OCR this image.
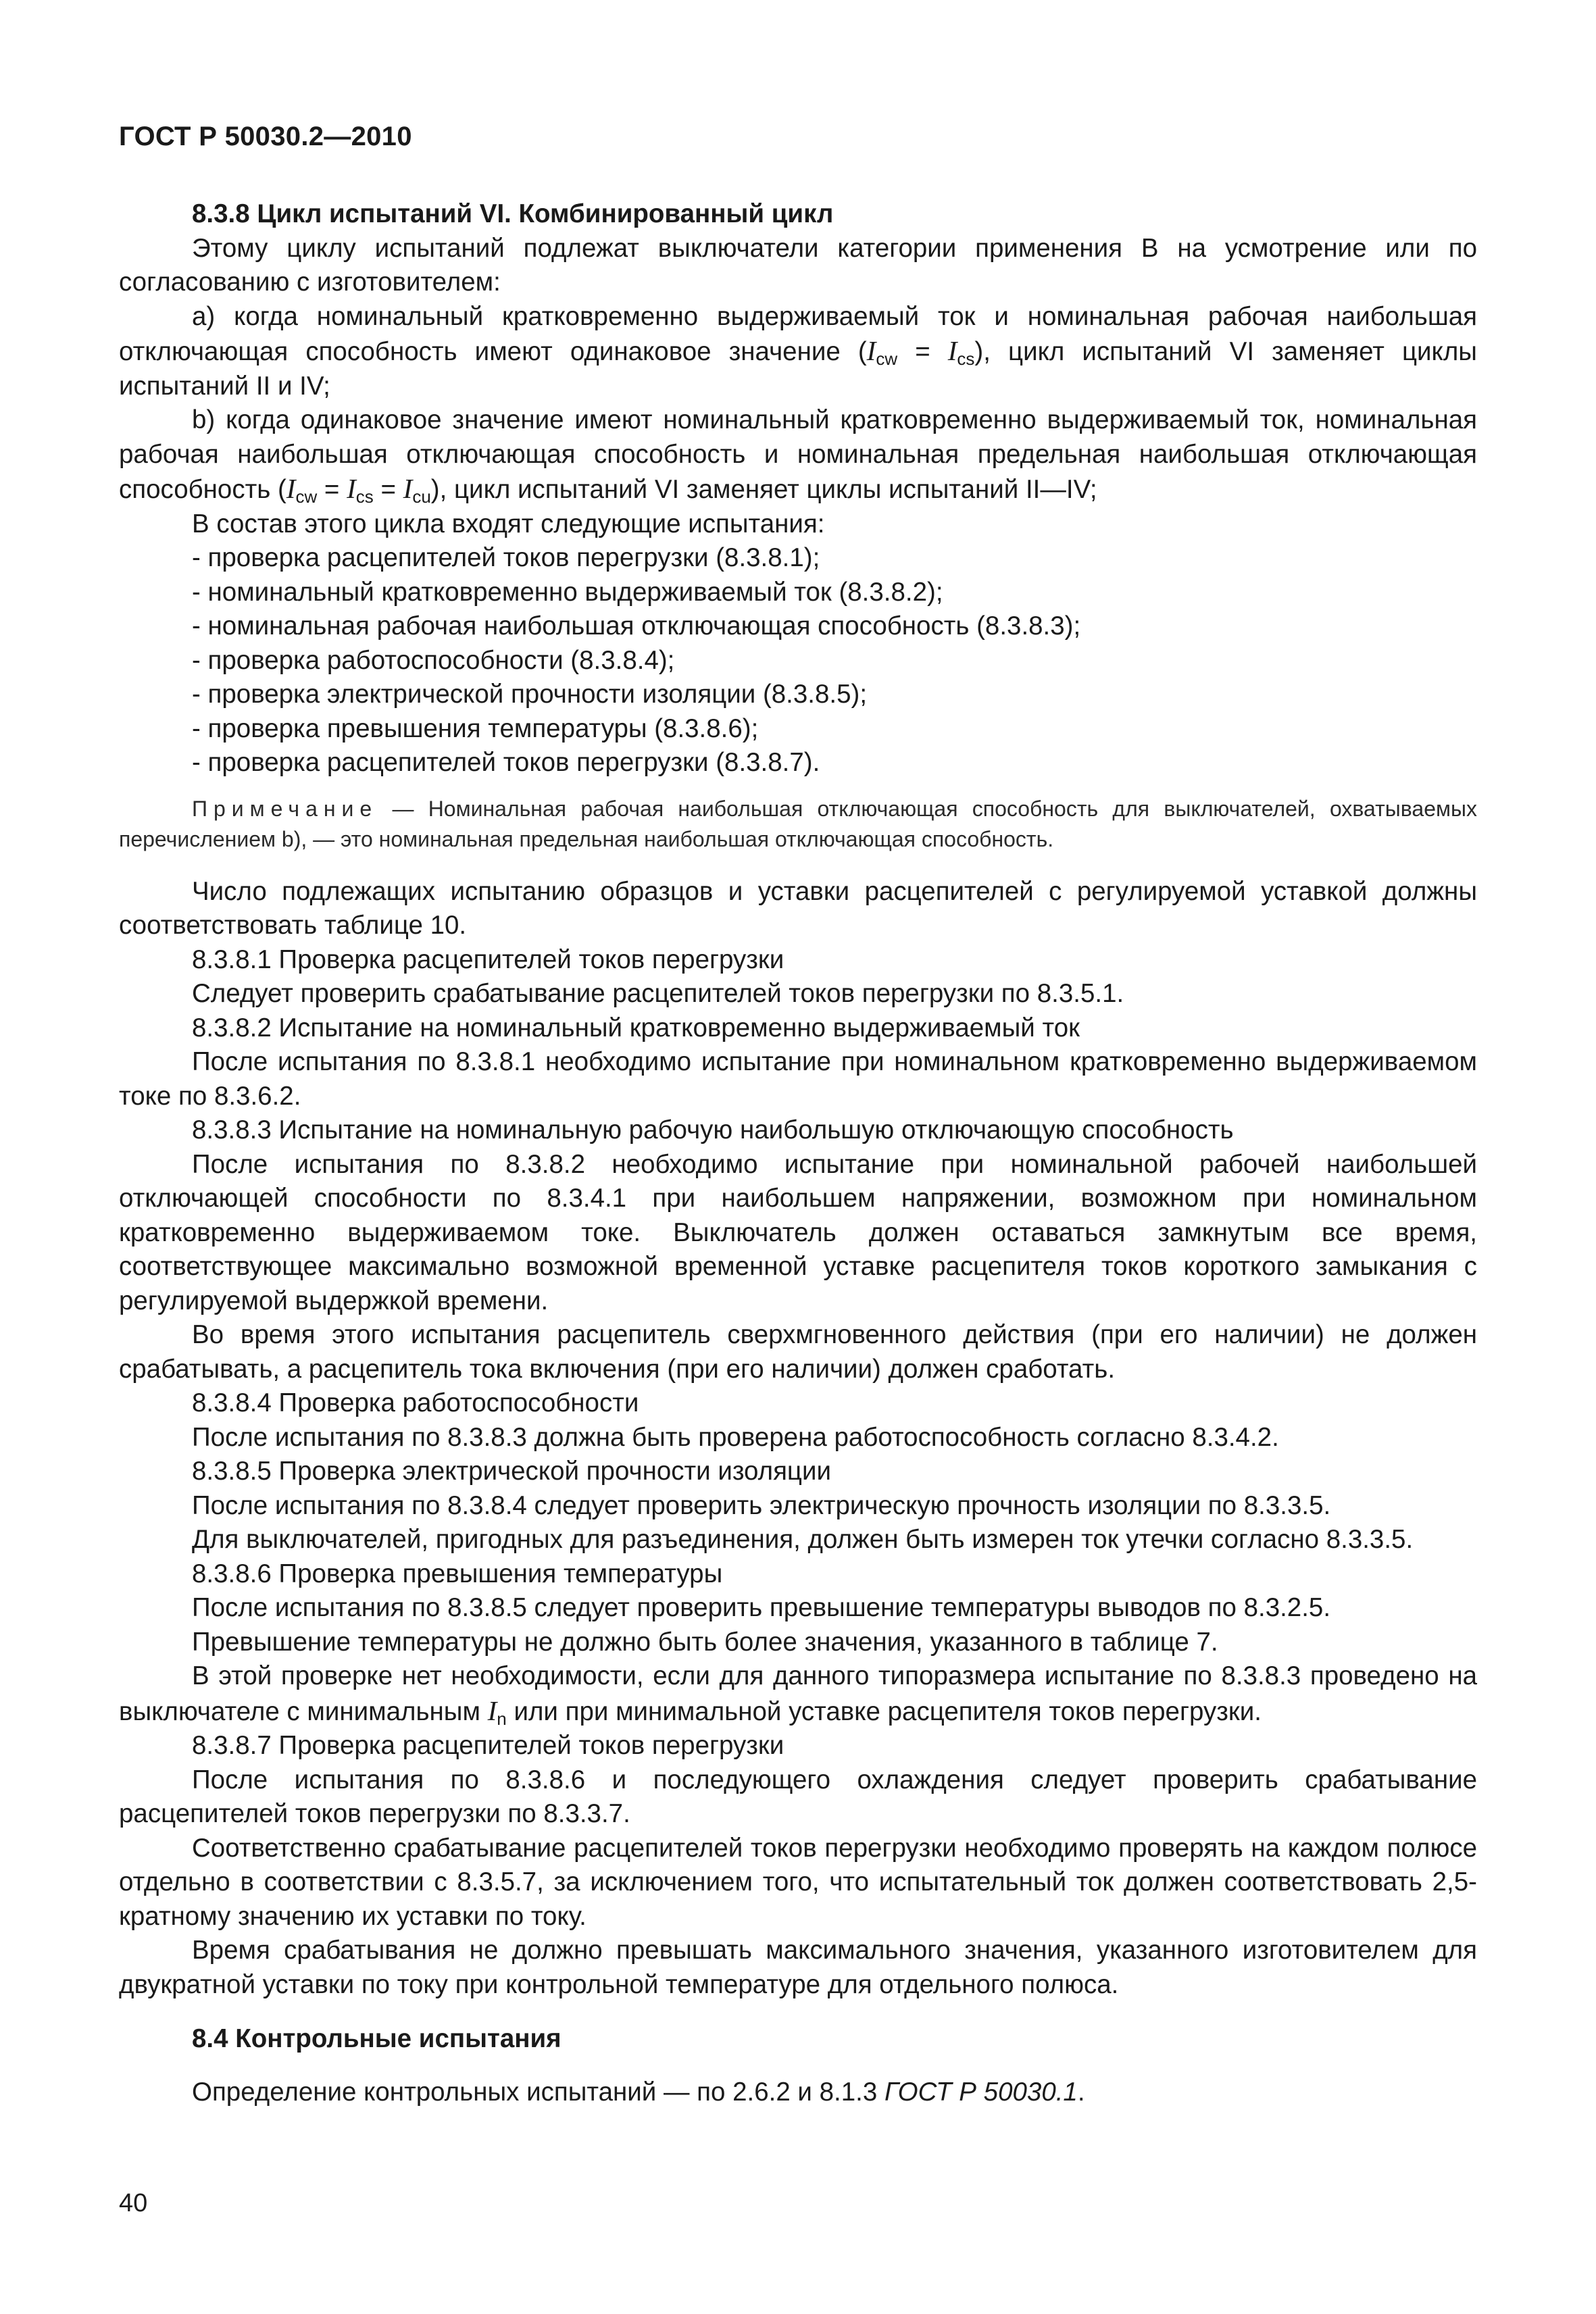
ГОСТ Р 50030.2—2010

8.3.8 Цикл испытаний VI. Комбинированный цикл

Этому циклу испытаний подлежат выключатели категории применения В на усмотрение или по согласованию с изготовителем:

а) когда номинальный кратковременно выдерживаемый ток и номинальная рабочая наибольшая отключающая способность имеют одинаковое значение $(I_{cw} = I_{cs})$, цикл испытаний VI заменяет циклы испытаний II и IV;

b) когда одинаковое значение имеют номинальный кратковременно выдерживаемый ток, номинальная рабочая наибольшая отключающая способность и номинальная предельная наибольшая отключающая способность $(I_{cw} = I_{cs} = I_{cu})$, цикл испытаний VI заменяет циклы испытаний II—IV;

В состав этого цикла входят следующие испытания:

- проверка расцепителей токов перегрузки (8.3.8.1);

- номинальный кратковременно выдерживаемый ток (8.3.8.2);

- номинальная рабочая наибольшая отключающая способность (8.3.8.3);

- проверка работоспособности (8.3.8.4);

- проверка электрической прочности изоляции (8.3.8.5);

- проверка превышения температуры (8.3.8.6);

- проверка расцепителей токов перегрузки (8.3.8.7).

Примечание — Номинальная рабочая наибольшая отключающая способность для выключателей, охватываемых перечислением b), — это номинальная предельная наибольшая отключающая способность.

Число подлежащих испытанию образцов и уставки расцепителей с регулируемой уставкой должны соответствовать таблице 10.

8.3.8.1 Проверка расцепителей токов перегрузки

Следует проверить срабатывание расцепителей токов перегрузки по 8.3.5.1.

8.3.8.2 Испытание на номинальный кратковременно выдерживаемый ток

После испытания по 8.3.8.1 необходимо испытание при номинальном кратковременно выдерживаемом токе по 8.3.6.2.

8.3.8.3 Испытание на номинальную рабочую наибольшую отключающую способность

После испытания по 8.3.8.2 необходимо испытание при номинальной рабочей наибольшей отключающей способности по 8.3.4.1 при наибольшем напряжении, возможном при номинальном кратковременно выдерживаемом токе. Выключатель должен оставаться замкнутым все время, соответствующее максимально возможной временной уставке расцепителя токов короткого замыкания с регулируемой выдержкой времени.

Во время этого испытания расцепитель сверхмгновенного действия (при его наличии) не должен срабатывать, а расцепитель тока включения (при его наличии) должен сработать.

8.3.8.4 Проверка работоспособности

После испытания по 8.3.8.3 должна быть проверена работоспособность согласно 8.3.4.2.

8.3.8.5 Проверка электрической прочности изоляции

После испытания по 8.3.8.4 следует проверить электрическую прочность изоляции по 8.3.3.5.

Для выключателей, пригодных для разъединения, должен быть измерен ток утечки согласно 8.3.3.5.

8.3.8.6 Проверка превышения температуры

После испытания по 8.3.8.5 следует проверить превышение температуры выводов по 8.3.2.5.

Превышение температуры не должно быть более значения, указанного в таблице 7.

В этой проверке нет необходимости, если для данного типоразмера испытание по 8.3.8.3 проведено на выключателе с минимальным $I_n$ или при минимальной уставке расцепителя токов перегрузки.

8.3.8.7 Проверка расцепителей токов перегрузки

После испытания по 8.3.8.6 и последующего охлаждения следует проверить срабатывание расцепителей токов перегрузки по 8.3.3.7.

Соответственно срабатывание расцепителей токов перегрузки необходимо проверять на каждом полюсе отдельно в соответствии с 8.3.5.7, за исключением того, что испытательный ток должен соответствовать 2,5-кратному значению их уставки по току.

Время срабатывания не должно превышать максимального значения, указанного изготовителем для двукратной уставки по току при контрольной температуре для отдельного полюса.

8.4 Контрольные испытания

Определение контрольных испытаний — по 2.6.2 и 8.1.3 ГОСТ Р 50030.1.

40
